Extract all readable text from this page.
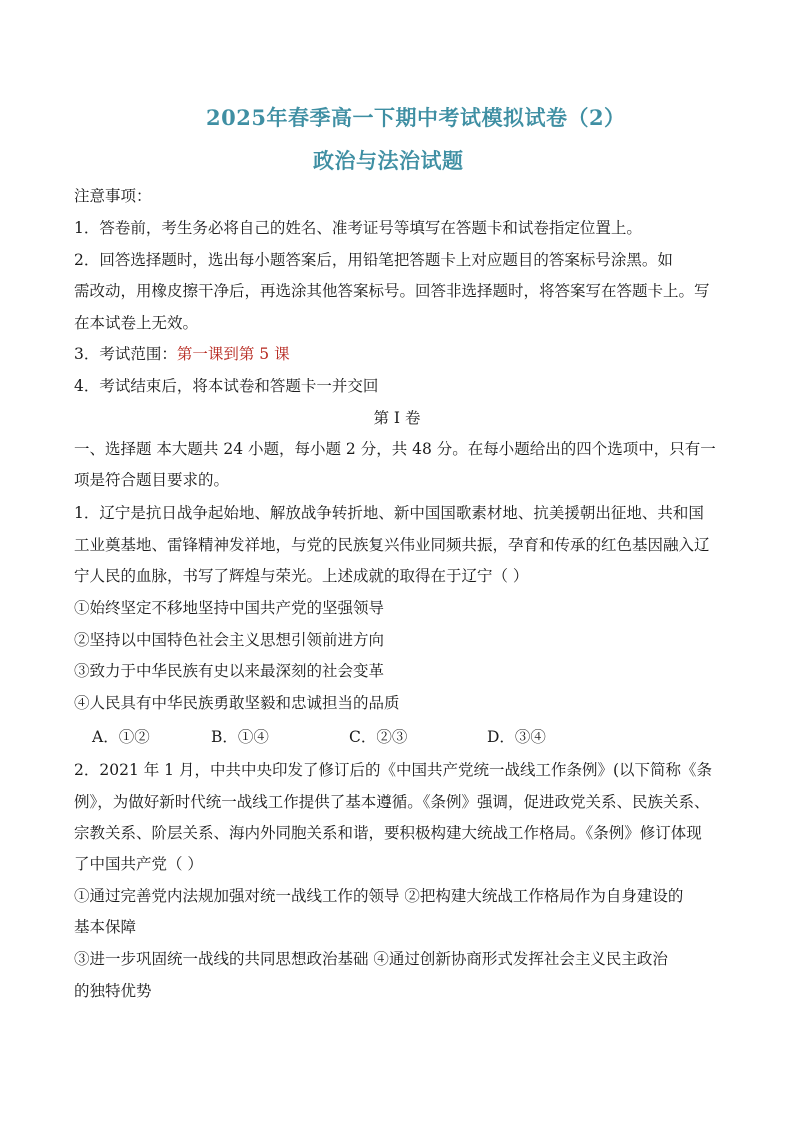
2025年春季高一下期中考试模拟试卷（2）
政治与法治试题
注意事项：
1．答卷前，考生务必将自己的姓名、准考证号等填写在答题卡和试卷指定位置上。
2．回答选择题时，选出每小题答案后，用铅笔把答题卡上对应题目的答案标号涂黑。如
需改动，用橡皮擦干净后，再选涂其他答案标号。回答非选择题时，将答案写在答题卡上。写
在本试卷上无效。
3．考试范围：第一课到第 5 课
4．考试结束后，将本试卷和答题卡一并交回
第 I 卷
一、选择题 本大题共 24 小题，每小题 2 分，共 48 分。在每小题给出的四个选项中，只有一
项是符合题目要求的。
1．辽宁是抗日战争起始地、解放战争转折地、新中国国歌素材地、抗美援朝出征地、共和国
工业奠基地、雷锋精神发祥地，与党的民族复兴伟业同频共振，孕育和传承的红色基因融入辽
宁人民的血脉，书写了辉煌与荣光。上述成就的取得在于辽宁（ ）
①始终坚定不移地坚持中国共产党的坚强领导
②坚持以中国特色社会主义思想引领前进方向
③致力于中华民族有史以来最深刻的社会变革
④人民具有中华民族勇敢坚毅和忠诚担当的品质
A．①②	B．①④	C．②③	D．③④
2．2021 年 1 月，中共中央印发了修订后的《中国共产党统一战线工作条例》(以下简称《条
例》，为做好新时代统一战线工作提供了基本遵循。《条例》强调，促进政党关系、民族关系、
宗教关系、阶层关系、海内外同胞关系和谐，要积极构建大统战工作格局。《条例》修订体现
了中国共产党（ ）
①通过完善党内法规加强对统一战线工作的领导 ②把构建大统战工作格局作为自身建设的
基本保障
③进一步巩固统一战线的共同思想政治基础 ④通过创新协商形式发挥社会主义民主政治
的独特优势
